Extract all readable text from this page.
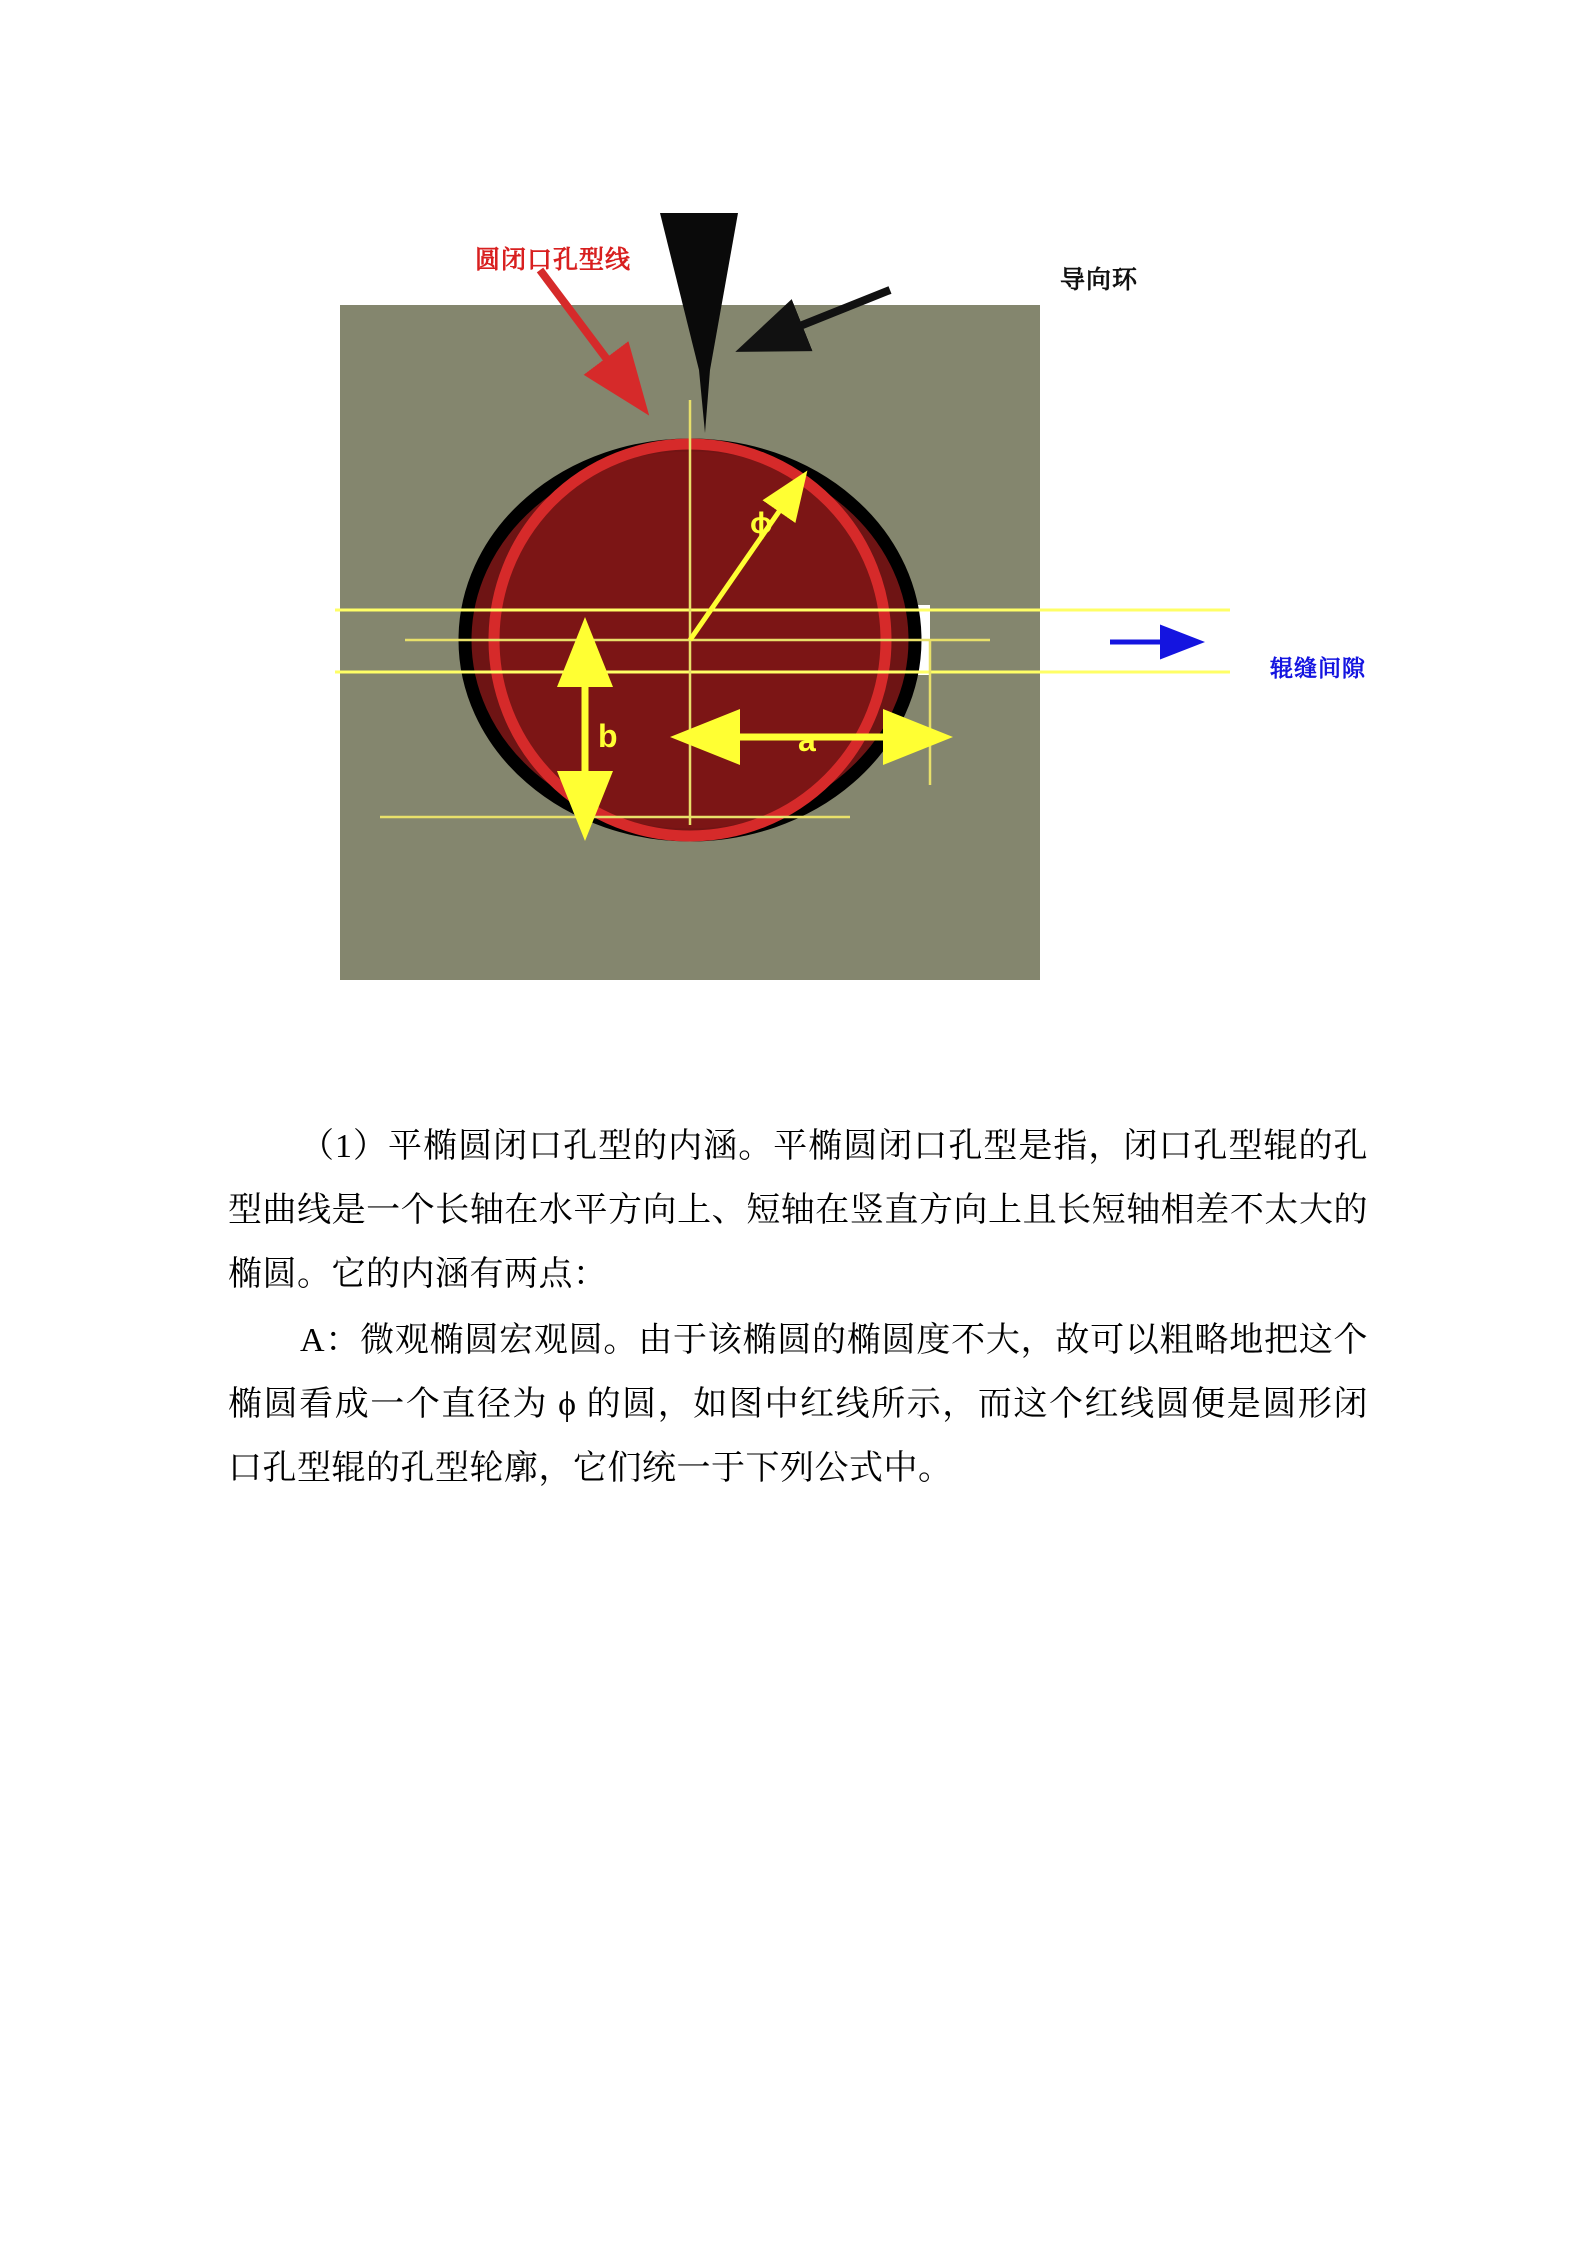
ϕ
b	a
圆闭口孔型线
导向环
辊缝间隙

（1）平椭圆闭口孔型的内涵。平椭圆闭口孔型是指，闭口孔型辊的孔型曲线是一个长轴在水平方向上、短轴在竖直方向上且长短轴相差不太大的椭圆。它的内涵有两点：

A：微观椭圆宏观圆。由于该椭圆的椭圆度不大，故可以粗略地把这个椭圆看成一个直径为 ϕ 的圆，如图中红线所示，而这个红线圆便是圆形闭口孔型辊的孔型轮廓，它们统一于下列公式中。
